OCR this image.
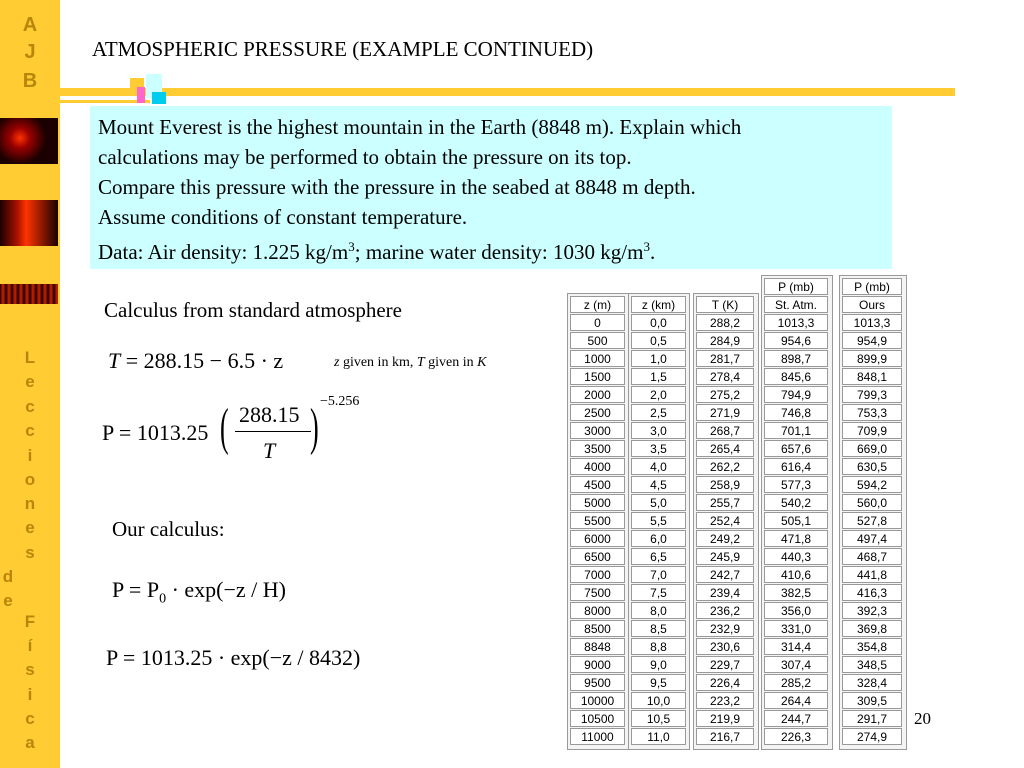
A
J
B
L
e
c
c
i
o
n
e
s
d
e
F
í
s
i
c
a
ATMOSPHERIC PRESSURE (EXAMPLE CONTINUED)
Mount Everest is the highest mountain in the Earth (8848 m). Explain which
calculations may be performed to obtain the pressure on its top.
Compare this pressure with the pressure in the seabed at 8848 m depth.
Assume conditions of constant temperature.
Data: Air density: 1.225 $kg/m^3$; marine water density: 1030 $kg/m^3$.
Calculus from standard atmosphere
T = 288.15 − 6.5 · z	z given in km, T given in K
P = 1013.25 ( 288.15
T ) −5.256
Our calculus:
$P = P_0 \cdot \exp(-z / H)$
P = 1013.25 · exp(−z / 8432)
z (m)
0
500
1000
1500
2000
2500
3000
3500
4000
4500
5000
5500
6000
6500
7000
7500
8000
8500
8848
9000
9500
10000
10500
11000
z (km)
0,0
0,5
1,0
1,5
2,0
2,5
3,0
3,5
4,0
4,5
5,0
5,5
6,0
6,5
7,0
7,5
8,0
8,5
8,8
9,0
9,5
10,0
10,5
11,0
T (K)
288,2
284,9
281,7
278,4
275,2
271,9
268,7
265,4
262,2
258,9
255,7
252,4
249,2
245,9
242,7
239,4
236,2
232,9
230,6
229,7
226,4
223,2
219,9
216,7
P (mb)
St. Atm.
1013,3
954,6
898,7
845,6
794,9
746,8
701,1
657,6
616,4
577,3
540,2
505,1
471,8
440,3
410,6
382,5
356,0
331,0
314,4
307,4
285,2
264,4
244,7
226,3
P (mb)
Ours
1013,3
954,9
899,9
848,1
799,3
753,3
709,9
669,0
630,5
594,2
560,0
527,8
497,4
468,7
441,8
416,3
392,3
369,8
354,8
348,5
328,4
309,5
291,7
274,9
20
